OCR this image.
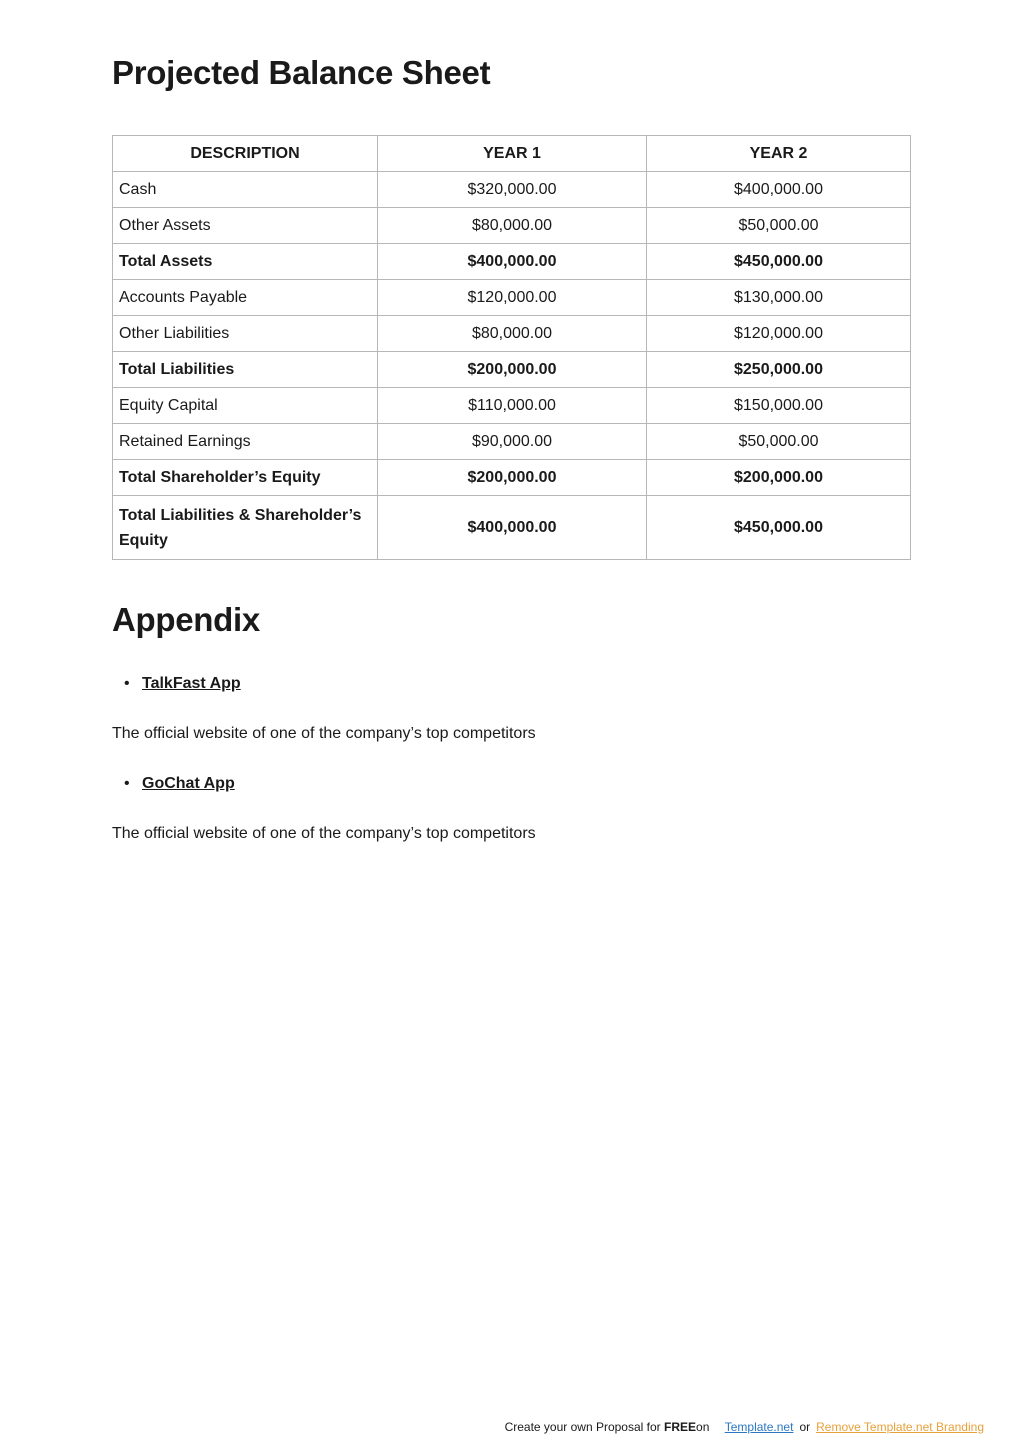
Projected Balance Sheet
DESCRIPTION	YEAR 1	YEAR 2
Cash	$320,000.00	$400,000.00
Other Assets	$80,000.00	$50,000.00
Total Assets	$400,000.00	$450,000.00
Accounts Payable	$120,000.00	$130,000.00
Other Liabilities	$80,000.00	$120,000.00
Total Liabilities	$200,000.00	$250,000.00
Equity Capital	$110,000.00	$150,000.00
Retained Earnings	$90,000.00	$50,000.00
Total Shareholder’s Equity	$200,000.00	$200,000.00
Total Liabilities & Shareholder’s Equity	$400,000.00	$450,000.00
Appendix
• TalkFast App
The official website of one of the company’s top competitors
• GoChat App
The official website of one of the company’s top competitors
Create your own Proposal for FREEon Template.net or Remove Template.net Branding
